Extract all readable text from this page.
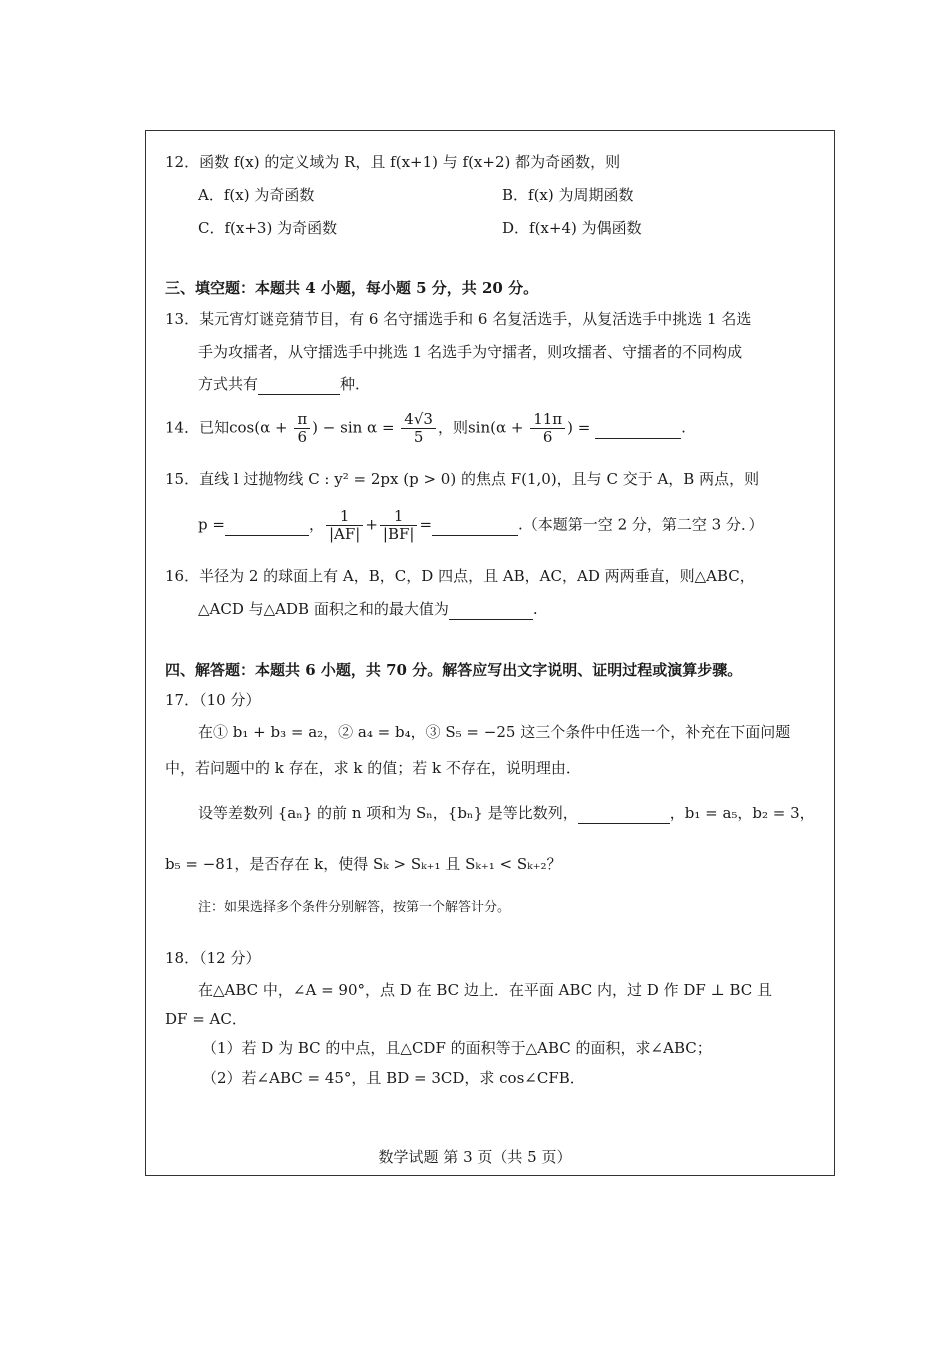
12．函数 f(x) 的定义域为 R，且 f(x+1) 与 f(x+2) 都为奇函数，则
A．f(x) 为奇函数	B．f(x) 为周期函数
C．f(x+3) 为奇函数	D．f(x+4) 为偶函数
三、填空题：本题共 4 小题，每小题 5 分，共 20 分。
13．某元宵灯谜竞猜节目，有 6 名守擂选手和 6 名复活选手，从复活选手中挑选 1 名选
手为攻擂者，从守擂选手中挑选 1 名选手为守擂者，则攻擂者、守擂者的不同构成
方式共有	种．
14．已知$\cos(\alpha + \frac{\pi}{6}$ ) − $\sin \alpha = \frac{4√3}{5}$ ，则$\sin(\alpha + \frac{11\pi}{6}$ ) =	.
15．直线 l 过抛物线 C : y² = 2px (p > 0) 的焦点 F(1,0)，且与 C 交于 A，B 两点，则
p =	， $\frac{1}{|AF|} + \frac{1}{|BF|}$ =	.（本题第一空 2 分，第二空 3 分．）
16．半径为 2 的球面上有 A，B，C，D 四点，且 AB，AC，AD 两两垂直，则△ABC，
△ACD 与△ADB 面积之和的最大值为	.
四、解答题：本题共 6 小题，共 70 分。解答应写出文字说明、证明过程或演算步骤。
17．（10 分）
在① b₁ + b₃ = a₂，② a₄ = b₄，③ S₅ = −25 这三个条件中任选一个，补充在下面问题
中，若问题中的 k 存在，求 k 的值；若 k 不存在，说明理由．
设等差数列 {aₙ} 的前 n 项和为 Sₙ，{bₙ} 是等比数列，	，b₁ = a₅，b₂ = 3，
b₅ = −81，是否存在 k，使得 Sₖ > Sₖ₊₁ 且 Sₖ₊₁ < Sₖ₊₂？
注：如果选择多个条件分别解答，按第一个解答计分。
18．（12 分）
在△ABC 中，∠A = 90°，点 D 在 BC 边上．在平面 ABC 内，过 D 作 DF ⊥ BC 且
DF = AC．
（1）若 D 为 BC 的中点，且△CDF 的面积等于△ABC 的面积，求∠ABC；
（2）若∠ABC = 45°，且 BD = 3CD，求 cos∠CFB．
数学试题 第 3 页（共 5 页）
